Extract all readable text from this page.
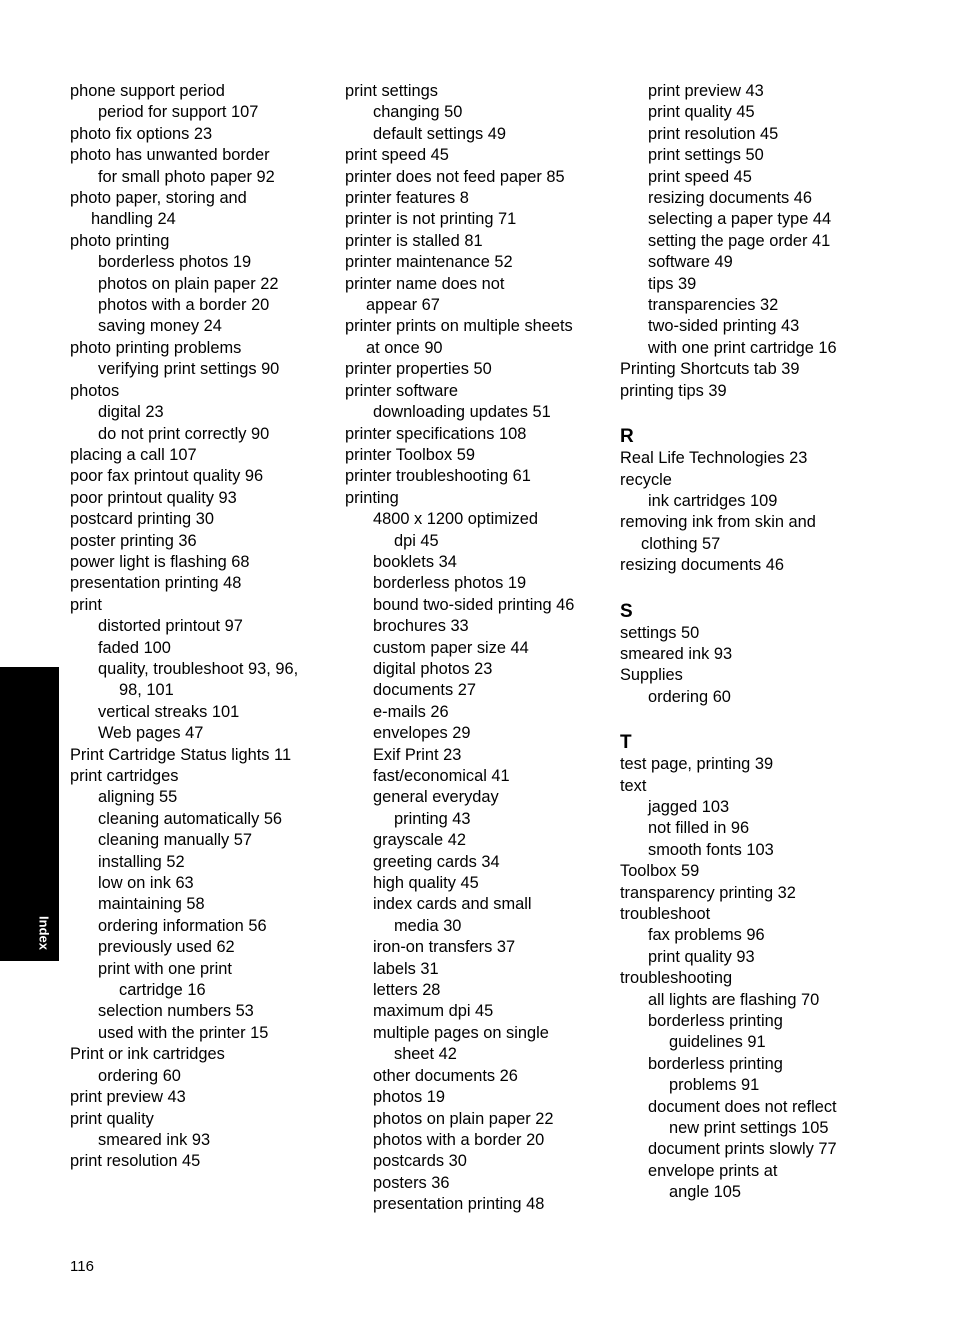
phone support period
period for support 107
photo fix options 23
photo has unwanted border
for small photo paper 92
photo paper, storing and
handling 24
photo printing
borderless photos 19
photos on plain paper 22
photos with a border 20
saving money 24
photo printing problems
verifying print settings 90
photos
digital 23
do not print correctly 90
placing a call 107
poor fax printout quality 96
poor printout quality 93
postcard printing 30
poster printing 36
power light is flashing 68
presentation printing 48
print
distorted printout 97
faded 100
quality, troubleshoot 93, 96,
98, 101
vertical streaks 101
Web pages 47
Print Cartridge Status lights 11
print cartridges
aligning 55
cleaning automatically 56
cleaning manually 57
installing 52
low on ink 63
maintaining 58
ordering information 56
previously used 62
print with one print
cartridge 16
selection numbers 53
used with the printer 15
Print or ink cartridges
ordering 60
print preview 43
print quality
smeared ink 93
print resolution 45
print settings
changing 50
default settings 49
print speed 45
printer does not feed paper 85
printer features 8
printer is not printing 71
printer is stalled 81
printer maintenance 52
printer name does not
appear 67
printer prints on multiple sheets
at once 90
printer properties 50
printer software
downloading updates 51
printer specifications 108
printer Toolbox 59
printer troubleshooting 61
printing
4800 x 1200 optimized
dpi 45
booklets 34
borderless photos 19
bound two-sided printing 46
brochures 33
custom paper size 44
digital photos 23
documents 27
e-mails 26
envelopes 29
Exif Print 23
fast/economical 41
general everyday
printing 43
grayscale 42
greeting cards 34
high quality 45
index cards and small
media 30
iron-on transfers 37
labels 31
letters 28
maximum dpi 45
multiple pages on single
sheet 42
other documents 26
photos 19
photos on plain paper 22
photos with a border 20
postcards 30
posters 36
presentation printing 48
print preview 43
print quality 45
print resolution 45
print settings 50
print speed 45
resizing documents 46
selecting a paper type 44
setting the page order 41
software 49
tips 39
transparencies 32
two-sided printing 43
with one print cartridge 16
Printing Shortcuts tab 39
printing tips 39
R
Real Life Technologies 23
recycle
ink cartridges 109
removing ink from skin and
clothing 57
resizing documents 46
S
settings 50
smeared ink 93
Supplies
ordering 60
T
test page, printing 39
text
jagged 103
not filled in 96
smooth fonts 103
Toolbox 59
transparency printing 32
troubleshoot
fax problems 96
print quality 93
troubleshooting
all lights are flashing 70
borderless printing
guidelines 91
borderless printing
problems 91
document does not reflect
new print settings 105
document prints slowly 77
envelope prints at
angle 105
Index
116
